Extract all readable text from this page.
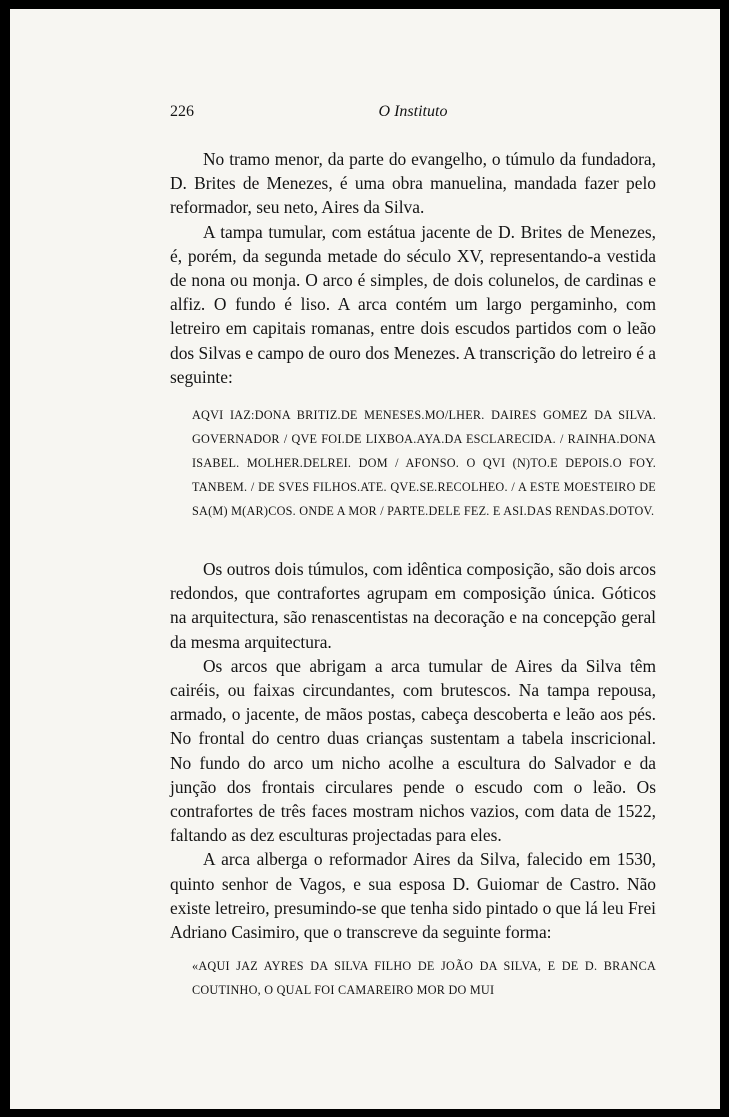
226	O Instituto

No tramo menor, da parte do evangelho, o túmulo da fundadora, D. Brites de Menezes, é uma obra manuelina, mandada fazer pelo reformador, seu neto, Aires da Silva.

A tampa tumular, com estátua jacente de D. Brites de Menezes, é, porém, da segunda metade do século XV, representando-a vestida de nona ou monja. O arco é simples, de dois colunelos, de cardinas e alfiz. O fundo é liso. A arca contém um largo pergaminho, com letreiro em capitais romanas, entre dois escudos partidos com o leão dos Silvas e campo de ouro dos Menezes. A transcrição do letreiro é a seguinte:

AQVI IAZ:DONA BRITIZ.DE MENESES.MO/LHER. DAIRES GOMEZ DA SILVA. GOVERNADOR / QVE FOI.DE LIXBOA.AYA.DA ESCLARECIDA. / RAINHA.DONA ISABEL. MOLHER.DELREI. DOM / AFONSO. O QVI (N)TO.E DEPOIS.O FOY. TANBEM. / DE SVES FILHOS.ATE. QVE.SE.RECOLHEO. / A ESTE MOESTEIRO DE SA(M) M(AR)COS. ONDE A MOR / PARTE.DELE FEZ. E ASI.DAS RENDAS.DOTOV.

Os outros dois túmulos, com idêntica composição, são dois arcos redondos, que contrafortes agrupam em composição única. Góticos na arquitectura, são renascentistas na decoração e na concepção geral da mesma arquitectura.

Os arcos que abrigam a arca tumular de Aires da Silva têm cairéis, ou faixas circundantes, com brutescos. Na tampa repousa, armado, o jacente, de mãos postas, cabeça descoberta e leão aos pés. No frontal do centro duas crianças sustentam a tabela inscricional. No fundo do arco um nicho acolhe a escultura do Salvador e da junção dos frontais circulares pende o escudo com o leão. Os contrafortes de três faces mostram nichos vazios, com data de 1522, faltando as dez esculturas projectadas para eles.

A arca alberga o reformador Aires da Silva, falecido em 1530, quinto senhor de Vagos, e sua esposa D. Guiomar de Castro. Não existe letreiro, presumindo-se que tenha sido pintado o que lá leu Frei Adriano Casimiro, que o transcreve da seguinte forma:

«AQUI JAZ AYRES DA SILVA FILHO DE JOÃO DA SILVA, E DE D. BRANCA COUTINHO, O QUAL FOI CAMAREIRO MOR DO MUI
